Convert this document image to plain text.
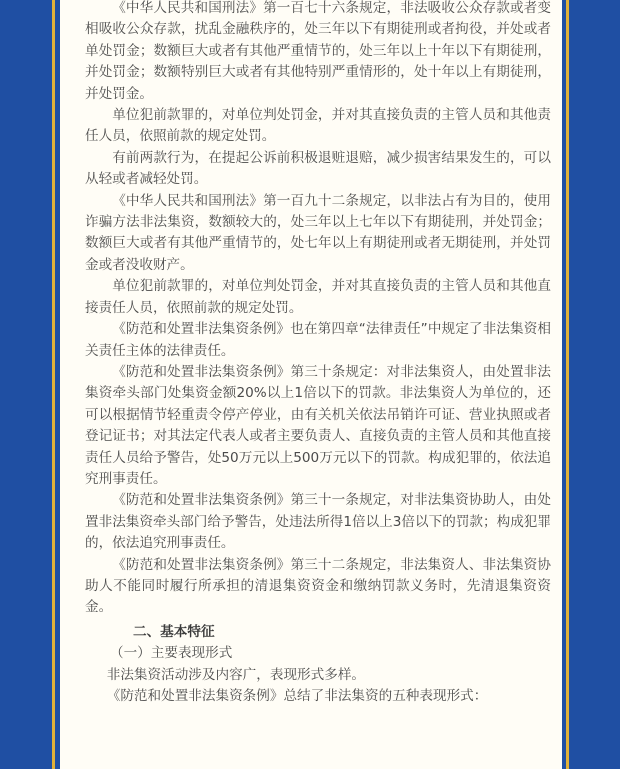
《中华人民共和国刑法》第一百七十六条规定，非法吸收公众存款或者变相吸收公众存款，扰乱金融秩序的，处三年以下有期徒刑或者拘役，并处或者单处罚金；数额巨大或者有其他严重情节的，处三年以上十年以下有期徒刑，并处罚金；数额特别巨大或者有其他特别严重情形的，处十年以上有期徒刑，并处罚金。

单位犯前款罪的，对单位判处罚金，并对其直接负责的主管人员和其他责任人员，依照前款的规定处罚。

有前两款行为，在提起公诉前积极退赃退赔，减少损害结果发生的，可以从轻或者减轻处罚。

《中华人民共和国刑法》第一百九十二条规定，以非法占有为目的，使用诈骗方法非法集资，数额较大的，处三年以上七年以下有期徒刑，并处罚金；数额巨大或者有其他严重情节的，处七年以上有期徒刑或者无期徒刑，并处罚金或者没收财产。

单位犯前款罪的，对单位判处罚金，并对其直接负责的主管人员和其他直接责任人员，依照前款的规定处罚。

《防范和处置非法集资条例》也在第四章“法律责任”中规定了非法集资相关责任主体的法律责任。

《防范和处置非法集资条例》第三十条规定：对非法集资人，由处置非法集资牵头部门处集资金额20%以上1倍以下的罚款。非法集资人为单位的，还可以根据情节轻重责令停产停业，由有关机关依法吊销许可证、营业执照或者登记证书；对其法定代表人或者主要负责人、直接负责的主管人员和其他直接责任人员给予警告，处50万元以上500万元以下的罚款。构成犯罪的，依法追究刑事责任。

《防范和处置非法集资条例》第三十一条规定，对非法集资协助人，由处置非法集资牵头部门给予警告，处违法所得1倍以上3倍以下的罚款；构成犯罪的，依法追究刑事责任。

《防范和处置非法集资条例》第三十二条规定，非法集资人、非法集资协助人不能同时履行所承担的清退集资资金和缴纳罚款义务时，先清退集资资金。

二、基本特征

（一）主要表现形式

非法集资活动涉及内容广，表现形式多样。

《防范和处置非法集资条例》总结了非法集资的五种表现形式：
